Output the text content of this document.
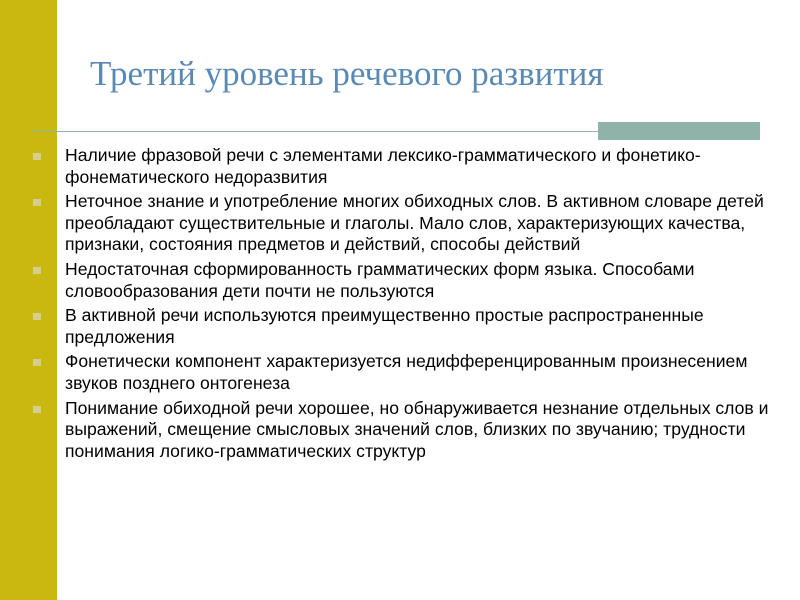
Третий уровень речевого развития
Наличие фразовой речи с элементами лексико-грамматического и фонетико-фонематического недоразвития
Неточное знание и употребление многих обиходных слов. В активном словаре детей преобладают существительные и глаголы. Мало слов, характеризующих качества, признаки, состояния предметов и действий, способы действий
Недостаточная сформированность грамматических форм языка. Способами словообразования дети почти не пользуются
В активной речи используются преимущественно простые распространенные предложения
Фонетически компонент характеризуется недифференцированным произнесением звуков позднего онтогенеза
Понимание обиходной речи хорошее, но обнаруживается незнание отдельных слов и выражений, смещение смысловых значений слов, близких по звучанию; трудности понимания логико-грамматических структур
